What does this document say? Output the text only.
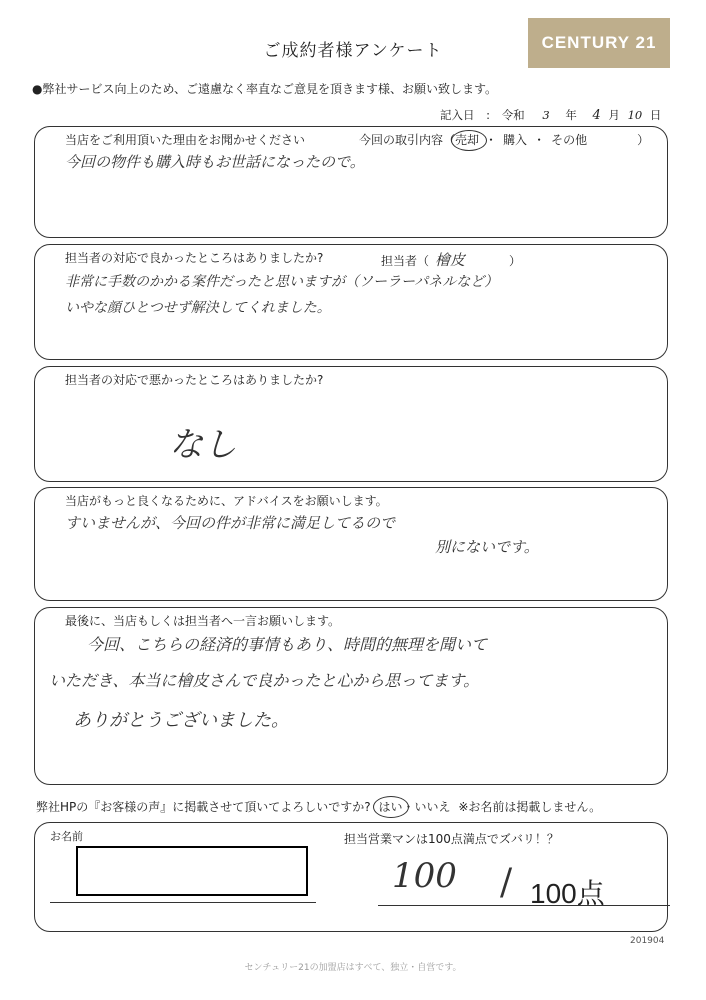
ご成約者様アンケート	CENTURY 21
●弊社サービス向上のため、ご遠慮なく率直なご意見を頂きます様、お願い致します。
記入日 : 令和 3 年 4 月 10 日
当店をご利用頂いた理由をお聞かせください	今回の取引内容（売却 ・ 購入 ・ その他	）
今回の物件も購入時もお世話になったので。
担当者の対応で良かったところはありましたか?	担当者（ 檜皮	）
非常に手数のかかる案件だったと思いますが（ソーラーパネルなど）
いやな顔ひとつせず解決してくれました。
担当者の対応で悪かったところはありましたか?
なし
当店がもっと良くなるために、アドバイスをお願いします。
すいませんが、今回の件が非常に満足してるので
別にないです。
最後に、当店もしくは担当者へ一言お願いします。
今回、こちらの経済的事情もあり、時間的無理を聞いて
いただき、本当に檜皮さんで良かったと心から思ってます。
ありがとうございました。
弊社HPの『お客様の声』に掲載させて頂いてよろしいですか? はい
・いいえ ※お名前は掲載しません。
お名前	担当営業マンは100点満点でズバリ！？
100 / 100点
201904
センチュリー21の加盟店はすべて、独立・自営です。
